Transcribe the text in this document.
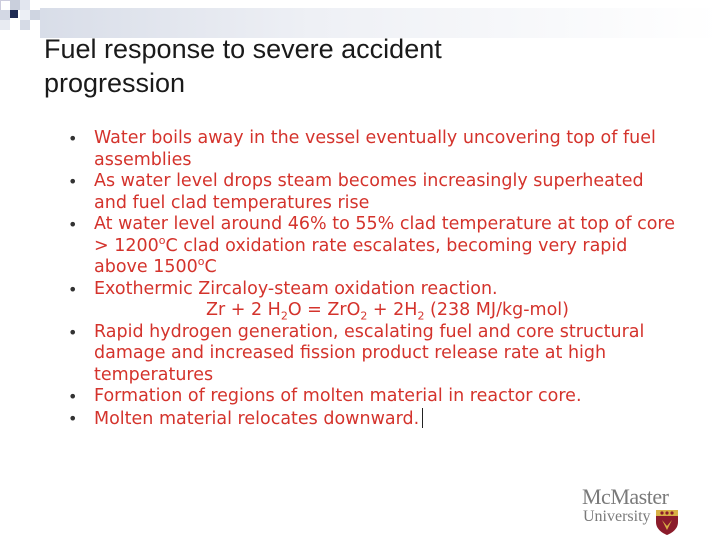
Fuel response to severe accident
progression
• Water boils away in the vessel eventually uncovering top of fuel assemblies
• As water level drops steam becomes increasingly superheated and fuel clad temperatures rise
• At water level around 46% to 55% clad temperature at top of core > $1200^oC$ clad oxidation rate escalates, becoming very rapid above 1500$^o$C
• Exothermic Zircaloy-steam oxidation reaction.
Zr + 2 $H_2O = ZrO_2 + 2H_2$ (238 MJ/kg-mol)
• Rapid hydrogen generation, escalating fuel and core structural damage and increased fission product release rate at high temperatures
• Formation of regions of molten material in reactor core.
• Molten material relocates downward.
McMaster
University
